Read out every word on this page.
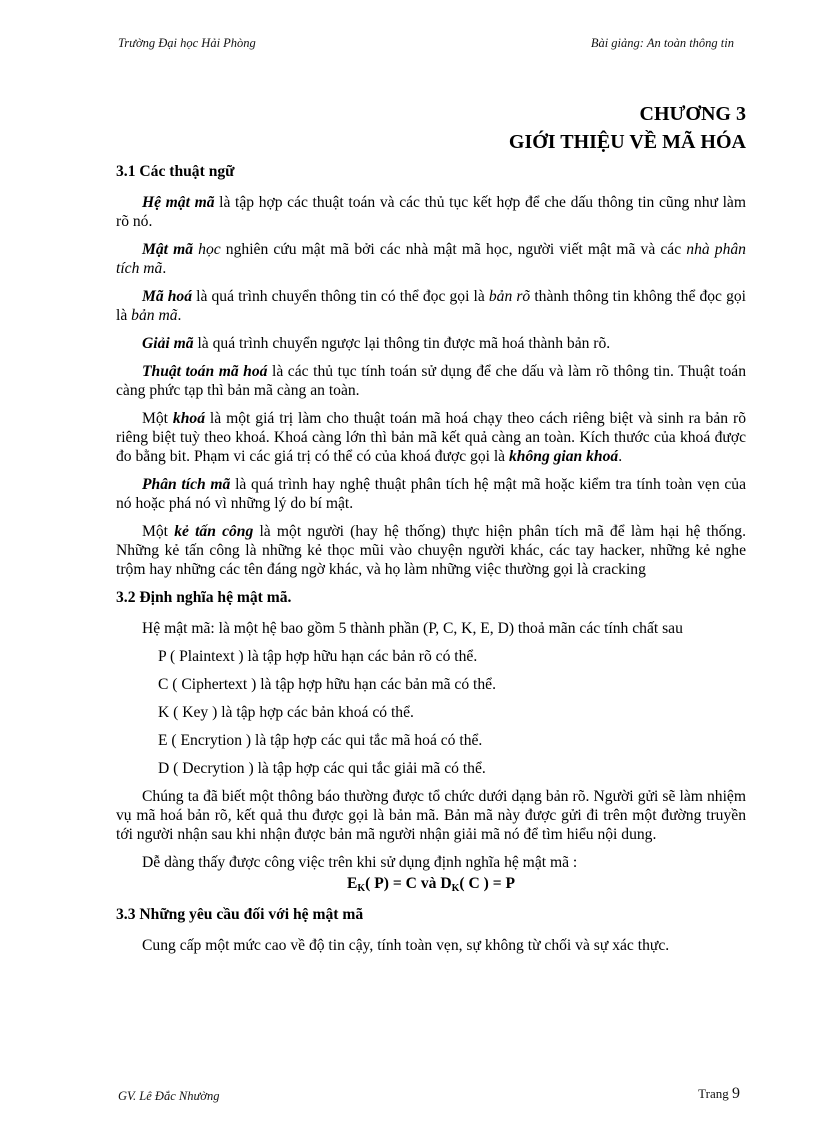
Trường Đại học Hải Phòng	Bài giảng: An toàn thông tin
CHƯƠNG 3
GIỚI THIỆU VỀ MÃ HÓA

3.1 Các thuật ngữ

Hệ mật mã là tập hợp các thuật toán và các thủ tục kết hợp để che dấu thông tin cũng như làm rõ nó.

Mật mã học nghiên cứu mật mã bởi các nhà mật mã học, người viết mật mã và các nhà phân tích mã.

Mã hoá là quá trình chuyển thông tin có thể đọc gọi là bản rõ thành thông tin không thể đọc gọi là bản mã.

Giải mã là quá trình chuyển ngược lại thông tin được mã hoá thành bản rõ.

Thuật toán mã hoá là các thủ tục tính toán sử dụng để che dấu và làm rõ thông tin. Thuật toán càng phức tạp thì bản mã càng an toàn.

Một khoá là một giá trị làm cho thuật toán mã hoá chạy theo cách riêng biệt và sinh ra bản rõ riêng biệt tuỳ theo khoá. Khoá càng lớn thì bản mã kết quả càng an toàn. Kích thước của khoá được đo bằng bit. Phạm vi các giá trị có thể có của khoá được gọi là không gian khoá.

Phân tích mã là quá trình hay nghệ thuật phân tích hệ mật mã hoặc kiểm tra tính toàn vẹn của nó hoặc phá nó vì những lý do bí mật.

Một kẻ tấn công là một người (hay hệ thống) thực hiện phân tích mã để làm hại hệ thống. Những kẻ tấn công là những kẻ thọc mũi vào chuyện người khác, các tay hacker, những kẻ nghe trộm hay những các tên đáng ngờ khác, và họ làm những việc thường gọi là cracking

3.2 Định nghĩa hệ mật mã.

Hệ mật mã: là một hệ bao gồm 5 thành phần (P, C, K, E, D) thoả mãn các tính chất sau

P ( Plaintext ) là tập hợp hữu hạn các bản rõ có thể.

C ( Ciphertext ) là tập hợp hữu hạn các bản mã có thể.

K ( Key ) là tập hợp các bản khoá có thể.

E ( Encrytion ) là tập hợp các qui tắc mã hoá có thể.

D ( Decrytion ) là tập hợp các qui tắc giải mã có thể.

Chúng ta đã biết một thông báo thường được tổ chức dưới dạng bản rõ. Người gửi sẽ làm nhiệm vụ mã hoá bản rõ, kết quả thu được gọi là bản mã. Bản mã này được gửi đi trên một đường truyền tới người nhận sau khi nhận được bản mã người nhận giải mã nó để tìm hiểu nội dung.

Dễ dàng thấy được công việc trên khi sử dụng định nghĩa hệ mật mã :

$E_K$( P) = C và $D_K$( C ) = P

3.3 Những yêu cầu đối với hệ mật mã

Cung cấp một mức cao về độ tin cậy, tính toàn vẹn, sự không từ chối và sự xác thực.

GV. Lê Đắc Nhường	Trang 9
